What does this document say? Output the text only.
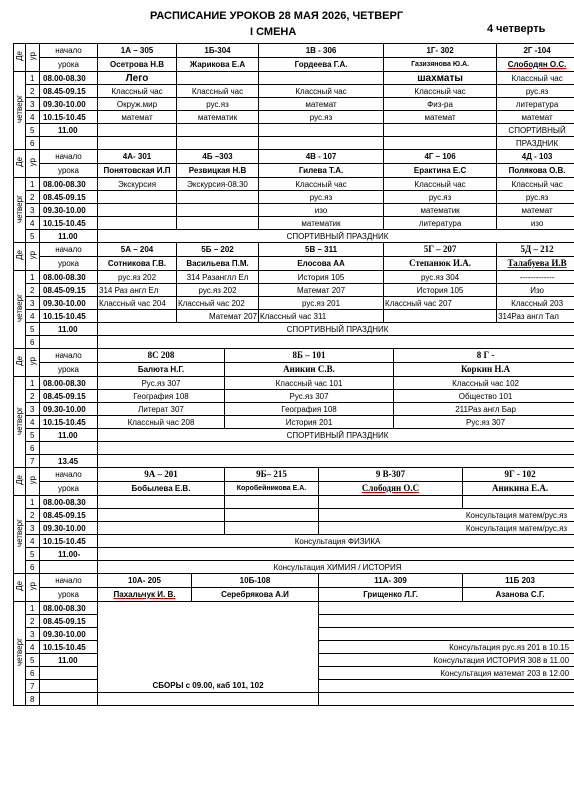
РАСПИСАНИЕ УРОКОВ 28 МАЯ 2026, ЧЕТВЕРГ
4 четверть
I СМЕНА
Де	ур	начало	1А – 305	1Б-304			1В - 306		1Г- 302			2Г -104
		урока	Осетрова Н.В	Жарикова Е.А			Гордеева Г.А.		Газизянова Ю.А.			Слободян О.С.
четверг	1	08.00-08.30	Лего						шахматы			Классный час
	2	08.45-09.15	Классный час	Классный час			Классный час		Классный час			рус.яз
	3	09.30-10.00	Окруж.мир	рус.яз			математ		Физ-ра			литература
	4	10.15-10.45	математ	математик			рус.яз		математ			математ
	5	11.00										СПОРТИВНЫЙ
	6											ПРАЗДНИК
Де	ур	начало	4А- 301	4Б –303			4В - 107		4Г – 106			4Д - 103
		урока	Понятовская И.П	Резвицкая Н.В			Гилева Т.А.		Ерактина Е.С			Полякова О.В.
четверг	1	08.00-08.30	Экскурсия	Экскурсия-08.30			Классный час		Классный час			Классный час
	2	08.45-09.15					рус.яз		рус.яз			рус.яз
	3	09.30-10.00					изо		математик			математ
	4	10.15-10.45					математик		литература			изо
	5	11.00	СПОРТИВНЫЙ ПРАЗДНИК									
Де	ур	начало	5А – 204	5Б – 202			5В – 311		5Г – 207			5Д – 212
		урока	Сотникова Г.В.	Васильева П.М.			Елосова АА		Степанюк И.А.			Талабуева И.В
четверг	1	08.00-08.30	рус.яз 202	314 Разанглл Ел			История 105		рус.яз 304			-------------
	2	08.45-09.15	314 Раз англ Ел	рус.яз 202			Математ 207		История 105			Изо
	3	09.30-10.00	Классный час 204	Классный час 202			рус.яз 201		Классный час 207			Классный 203
	4	10.15-10.45		Математ 207			Классный час 311					314Раз англ Тал
	5	11.00	СПОРТИВНЫЙ ПРАЗДНИК									
	6											
Де	ур	начало	8С 208			8Б – 101				8 Г -		
		урока	Балюта Н.Г.			Аникин С.В.				Коркин Н.А		
четверг	1	08.00-08.30	Рус.яз 307			Классный час 101				Классный час 102		
	2	08.45-09.15	География 108			Рус.яз 307				Общество 101		
	3	09.30-10.00	Литерат 307			География 108				211Раз англ Бар		
	4	10.15-10.45	Классный час 208			История 201				Рус.яз 307		
	5	11.00	СПОРТИВНЫЙ ПРАЗДНИК									
	6											
	7	13.45										
Де	ур	начало	9А – 201			9Б– 215		9 В-307			9Г - 102	
		урока	Бобылева Е.В.			Коробейникова Е.А.		Слободян О.С			Аникина Е.А.	
четверг	1	08.00-08.30										
	2	08.45-09.15						Консультация матем/рус.яз				
	3	09.30-10.00						Консультация матем/рус.яз				
	4	10.15-10.45	Консультация ФИЗИКА									
	5	11.00-										
	6		Консультация ХИМИЯ / ИСТОРИЯ									
Де	ур	начало	10А- 205		10Б-108			11А- 309			11Б 203	
		урока	Пахальчук И. В.		Серебрякова А.И			Грищенко Л.Г.			Азанова С.Г.	
четверг	1	08.00-08.30	СБОРЫ с 09.00, каб 101, 102									
	2	08.45-09.15										
	3	09.30-10.00										
	4	10.15-10.45						Консультация рус.яз 201 в 10.15				
	5	11.00						Консультация ИСТОРИЯ 308 в 11.00				
	6							Консультация математ 203 в 12.00				
	7											
	8											
